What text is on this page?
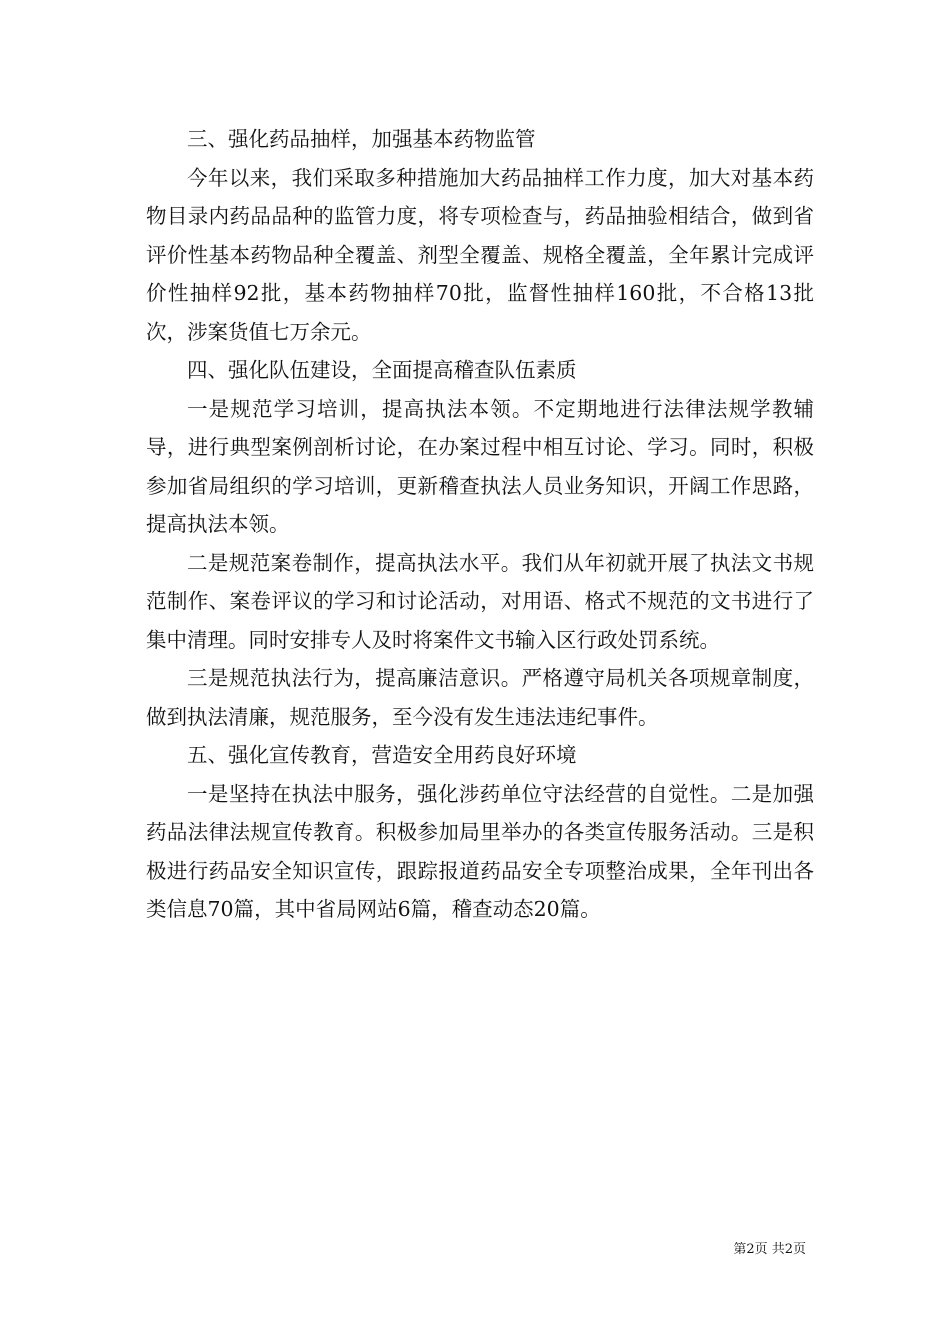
三、强化药品抽样，加强基本药物监管

今年以来，我们采取多种措施加大药品抽样工作力度，加大对基本药物目录内药品品种的监管力度，将专项检查与，药品抽验相结合，做到省评价性基本药物品种全覆盖、剂型全覆盖、规格全覆盖，全年累计完成评价性抽样92批，基本药物抽样70批，监督性抽样160批，不合格13批次，涉案货值七万余元。

四、强化队伍建设，全面提高稽查队伍素质

一是规范学习培训，提高执法本领。不定期地进行法律法规学教辅导，进行典型案例剖析讨论，在办案过程中相互讨论、学习。同时，积极参加省局组织的学习培训，更新稽查执法人员业务知识，开阔工作思路，提高执法本领。

二是规范案卷制作，提高执法水平。我们从年初就开展了执法文书规范制作、案卷评议的学习和讨论活动，对用语、格式不规范的文书进行了集中清理。同时安排专人及时将案件文书输入区行政处罚系统。

三是规范执法行为，提高廉洁意识。严格遵守局机关各项规章制度，做到执法清廉，规范服务，至今没有发生违法违纪事件。

五、强化宣传教育，营造安全用药良好环境

一是坚持在执法中服务，强化涉药单位守法经营的自觉性。二是加强药品法律法规宣传教育。积极参加局里举办的各类宣传服务活动。三是积极进行药品安全知识宣传，跟踪报道药品安全专项整治成果，全年刊出各类信息70篇，其中省局网站6篇，稽查动态20篇。

第2页 共2页
